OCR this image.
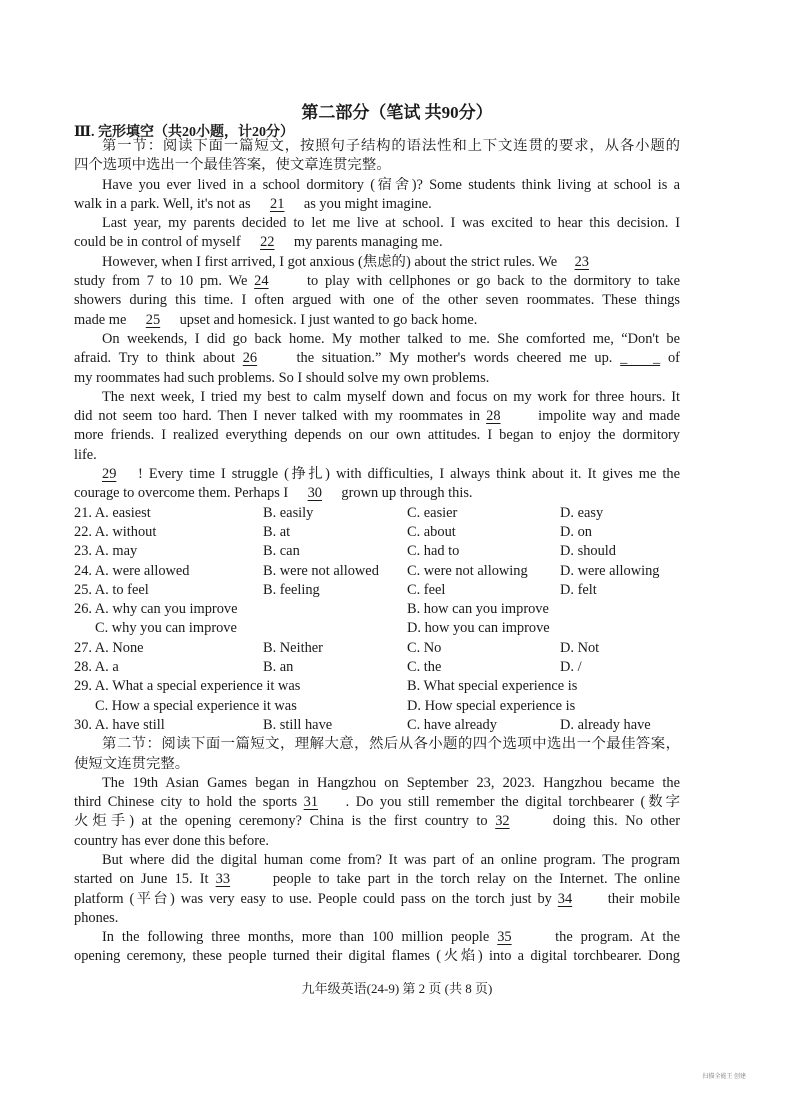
第二部分（笔试 共90分）
Ⅲ. 完形填空（共20小题，计20分）
第一节：阅读下面一篇短文，按照句子结构的语法性和上下文连贯的要求，从各小题的
四个选项中选出一个最佳答案，使文章连贯完整。
Have you ever lived in a school dormitory (宿舍)? Some students think living at school is a
walk in a park. Well, it's not as 21 as you might imagine.
Last year, my parents decided to let me live at school. I was excited to hear this decision. I
could be in control of myself 22 my parents managing me.
However, when I first arrived, I got anxious (焦虑的) about the strict rules. We 23
study from 7 to 10 pm. We 24	to play with cellphones or go back to the dormitory to take
showers during this time. I often argued with one of the other seven roommates. These things
made me 25 upset and homesick. I just wanted to go back home.
On weekends, I did go back home. My mother talked to me. She comforted me, “Don't be
afraid. Try to think about 26	the situation.” My mother's words cheered me up. _ _ of
my roommates had such problems. So I should solve my own problems.
The next week, I tried my best to calm myself down and focus on my work for three hours. It
did not seem too hard. Then I never talked with my roommates in 28	impolite way and made
more friends. I realized everything depends on our own attitudes. I began to enjoy the dormitory
life.
29 ! Every time I struggle (挣扎) with difficulties, I always think about it. It gives me the
courage to overcome them. Perhaps I 30 grown up through this.
21. A. easiest	B. easily	C. easier	D. easy
22. A. without	B. at	C. about	D. on
23. A. may	B. can	C. had to	D. should
24. A. were allowed	B. were not allowed C. were not allowing D. were allowing
25. A. to feel	B. feeling	C. feel	D. felt
26. A. why can you improve	B. how can you improve
C. why you can improve	D. how you can improve
27. A. None	B. Neither	C. No	D. Not
28. A. a	B. an	C. the	D. /
29. A. What a special experience it was	B. What special experience is
C. How a special experience it was	D. How special experience is
30. A. have still	B. still have	C. have already	D. already have
第二节：阅读下面一篇短文，理解大意，然后从各小题的四个选项中选出一个最佳答案，
使短文连贯完整。
The 19th Asian Games began in Hangzhou on September 23, 2023. Hangzhou became the
third Chinese city to hold the sports 31 . Do you still remember the digital torchbearer (数字
火炬手) at the opening ceremony? China is the first country to 32	doing this. No other
country has ever done this before.
But where did the digital human come from? It was part of an online program. The program
started on June 15. It 33	people to take part in the torch relay on the Internet. The online
platform (平台) was very easy to use. People could pass on the torch just by 34 their mobile
phones.
In the following three months, more than 100 million people 35	the program. At the
opening ceremony, these people turned their digital flames (火焰) into a digital torchbearer. Dong
九年级英语(24-9) 第 2 页 (共 8 页)
扫描全能王 创建
